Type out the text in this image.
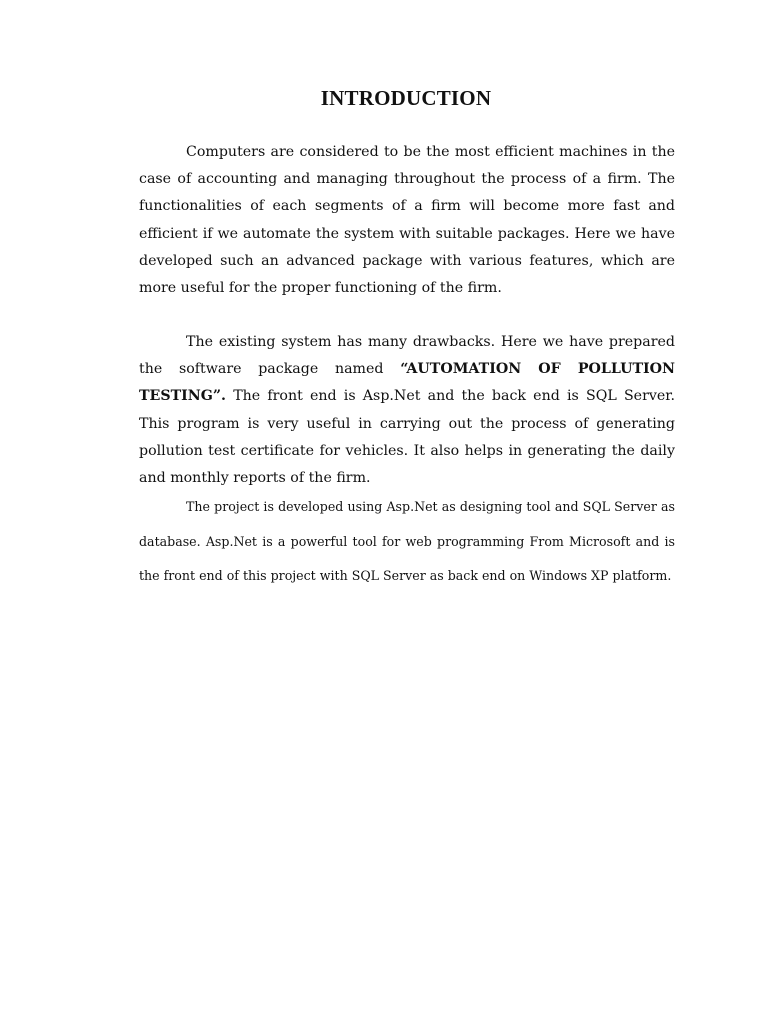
INTRODUCTION

Computers are considered to be the most efficient machines in the case of accounting and managing throughout the process of a firm. The functionalities of each segments of a firm will become more fast and efficient if we automate the system with suitable packages. Here we have developed such an advanced package with various features, which are more useful for the proper functioning of the firm.

The existing system has many drawbacks. Here we have prepared the software package named “AUTOMATION OF POLLUTION TESTING”. The front end is Asp.Net and the back end is SQL Server. This program is very useful in carrying out the process of generating pollution test certificate for vehicles. It also helps in generating the daily and monthly reports of the firm.

The project is developed using Asp.Net as designing tool and SQL Server as database. Asp.Net is a powerful tool for web programming From Microsoft and is the front end of this project with SQL Server as back end on Windows XP platform.
